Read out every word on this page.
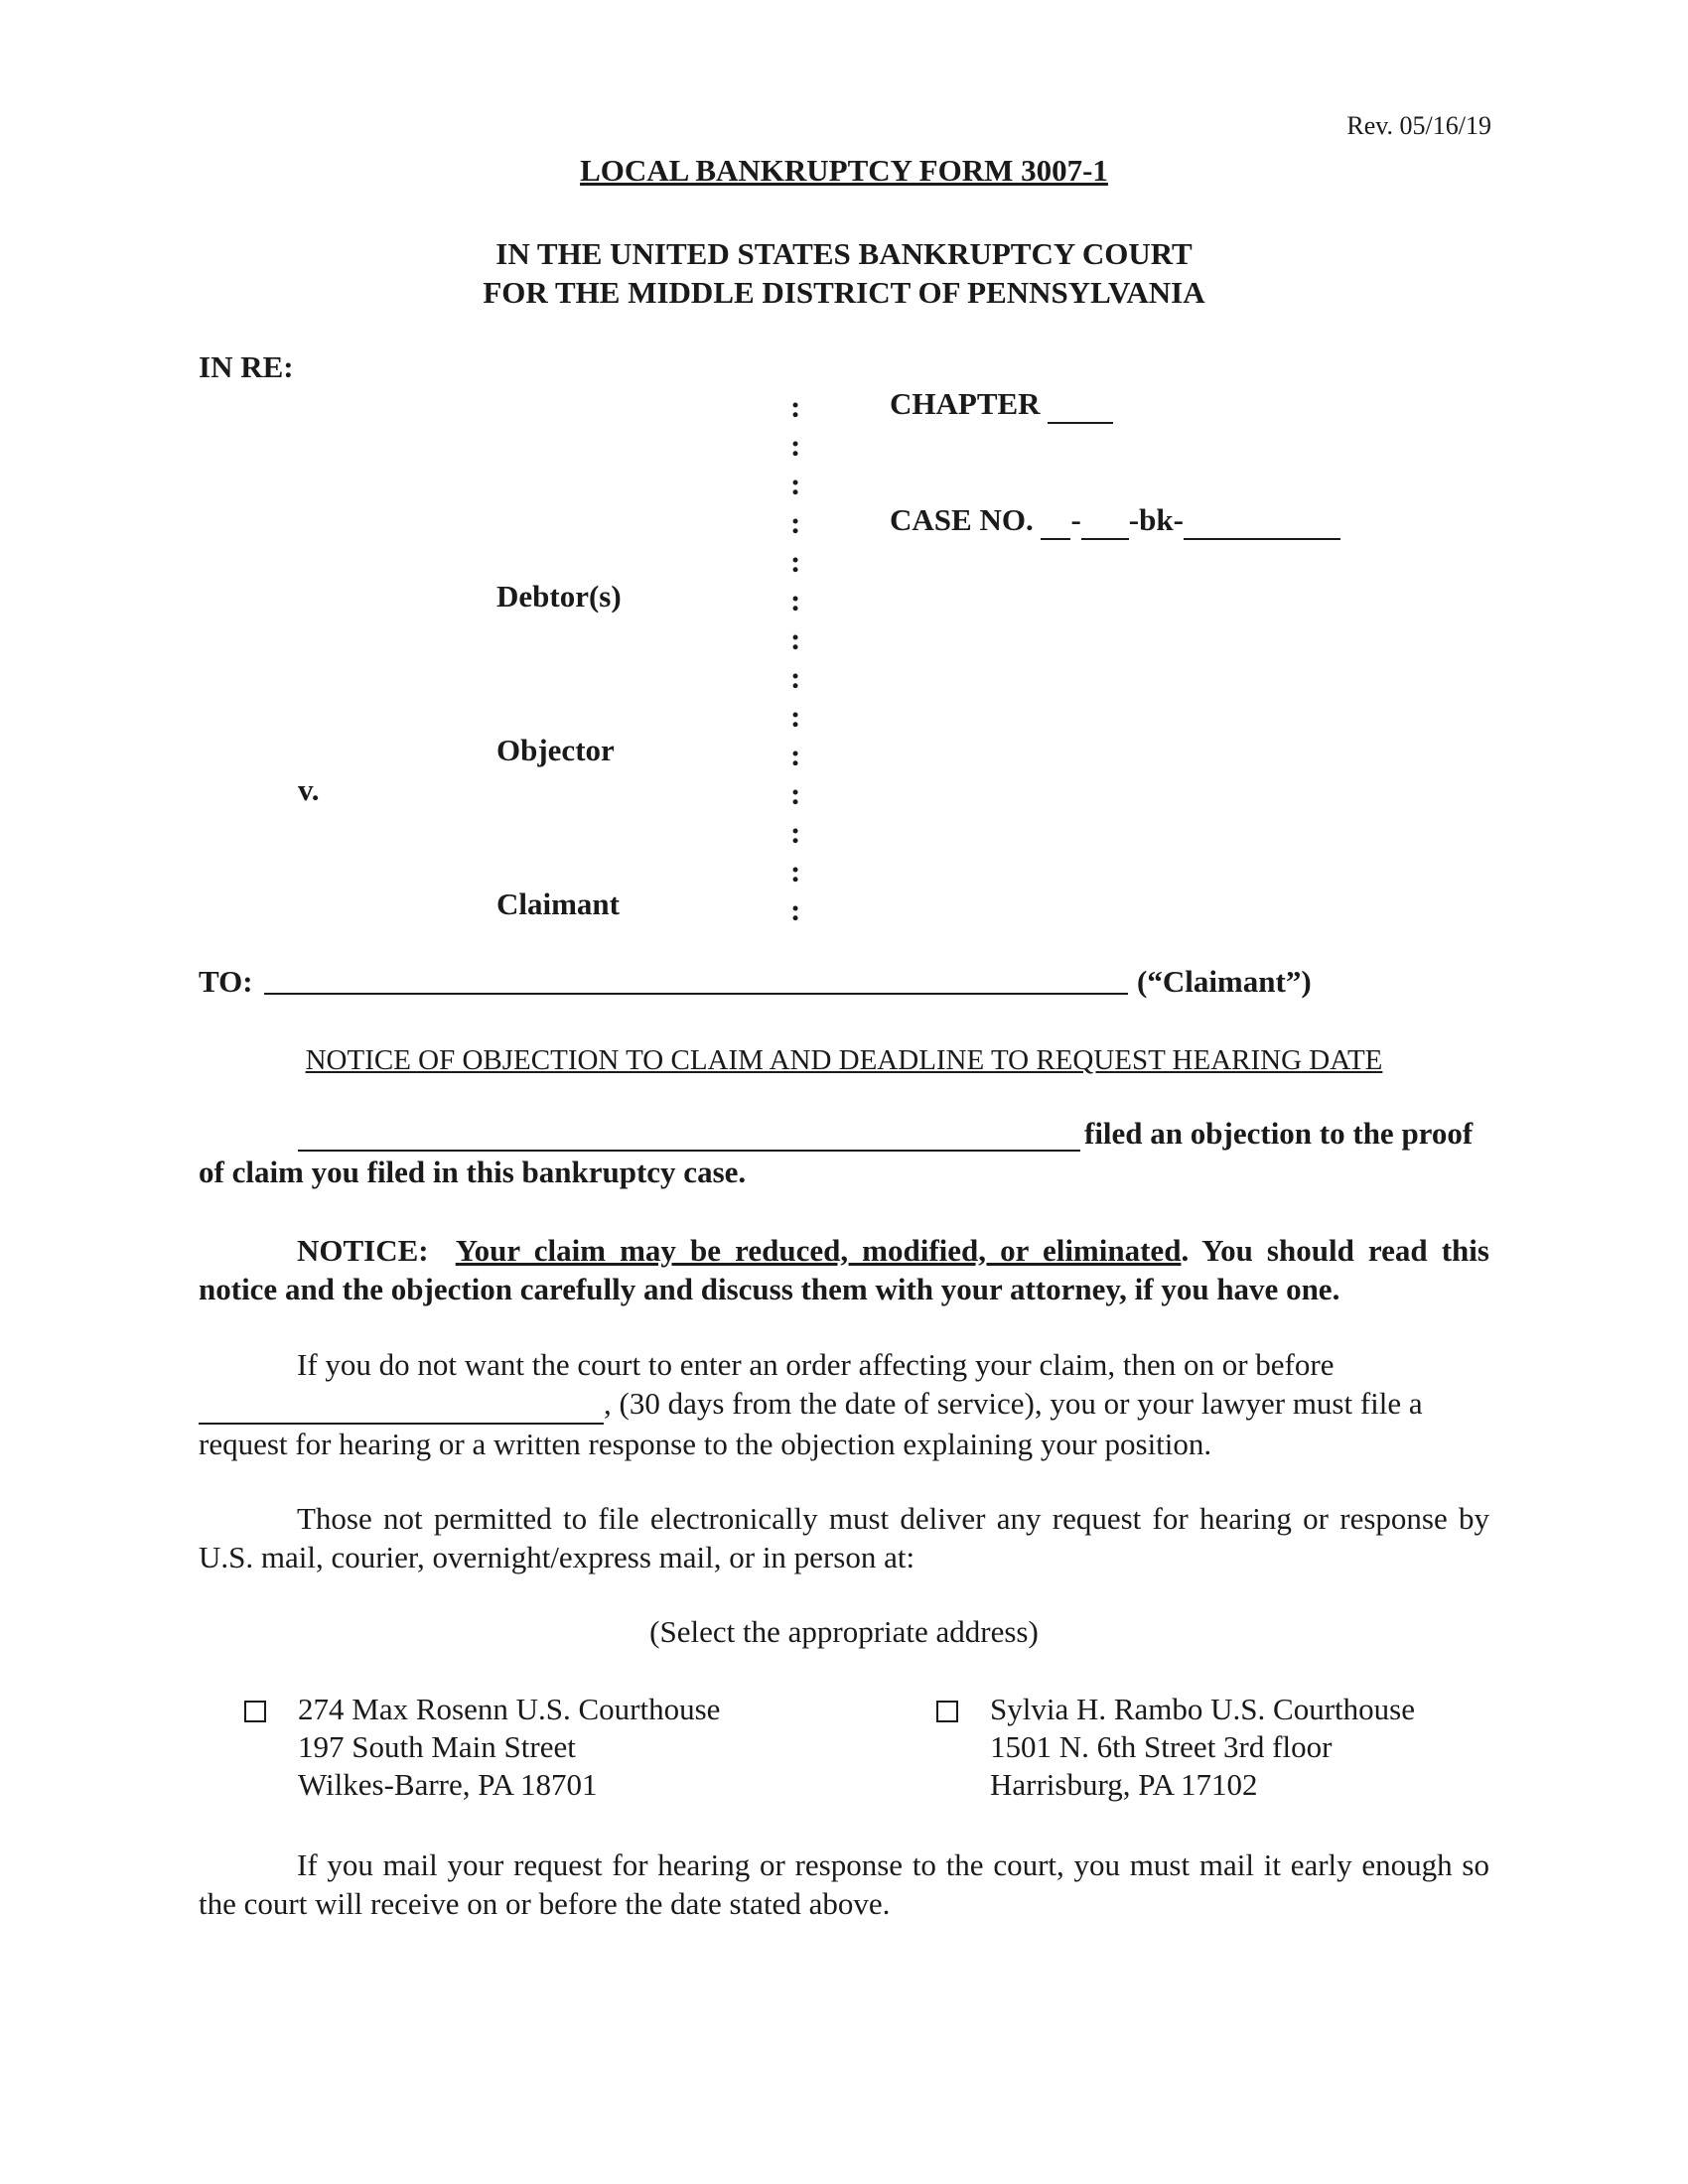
Rev. 05/16/19
LOCAL BANKRUPTCY FORM 3007-1
IN THE UNITED STATES BANKRUPTCY COURT
FOR THE MIDDLE DISTRICT OF PENNSYLVANIA
IN RE:
:
:
:
:
:
:
:
:
:
:
:
:
:
:
CHAPTER
CASE NO. - -bk-
Debtor(s)
Objector
v.
Claimant
TO:	(“Claimant”)
NOTICE OF OBJECTION TO CLAIM AND DEADLINE TO REQUEST HEARING DATE
filed an objection to the proof
of claim you filed in this bankruptcy case.
NOTICE: Your claim may be reduced, modified, or eliminated. You should read this notice and the objection carefully and discuss them with your attorney, if you have one.
If you do not want the court to enter an order affecting your claim, then on or before
, (30 days from the date of service), you or your lawyer must file a
request for hearing or a written response to the objection explaining your position.
Those not permitted to file electronically must deliver any request for hearing or response by U.S. mail, courier, overnight/express mail, or in person at:
(Select the appropriate address)
274 Max Rosenn U.S. Courthouse
197 South Main Street
Wilkes-Barre, PA 18701
Sylvia H. Rambo U.S. Courthouse
1501 N. 6th Street 3rd floor
Harrisburg, PA 17102
If you mail your request for hearing or response to the court, you must mail it early enough so the court will receive on or before the date stated above.
